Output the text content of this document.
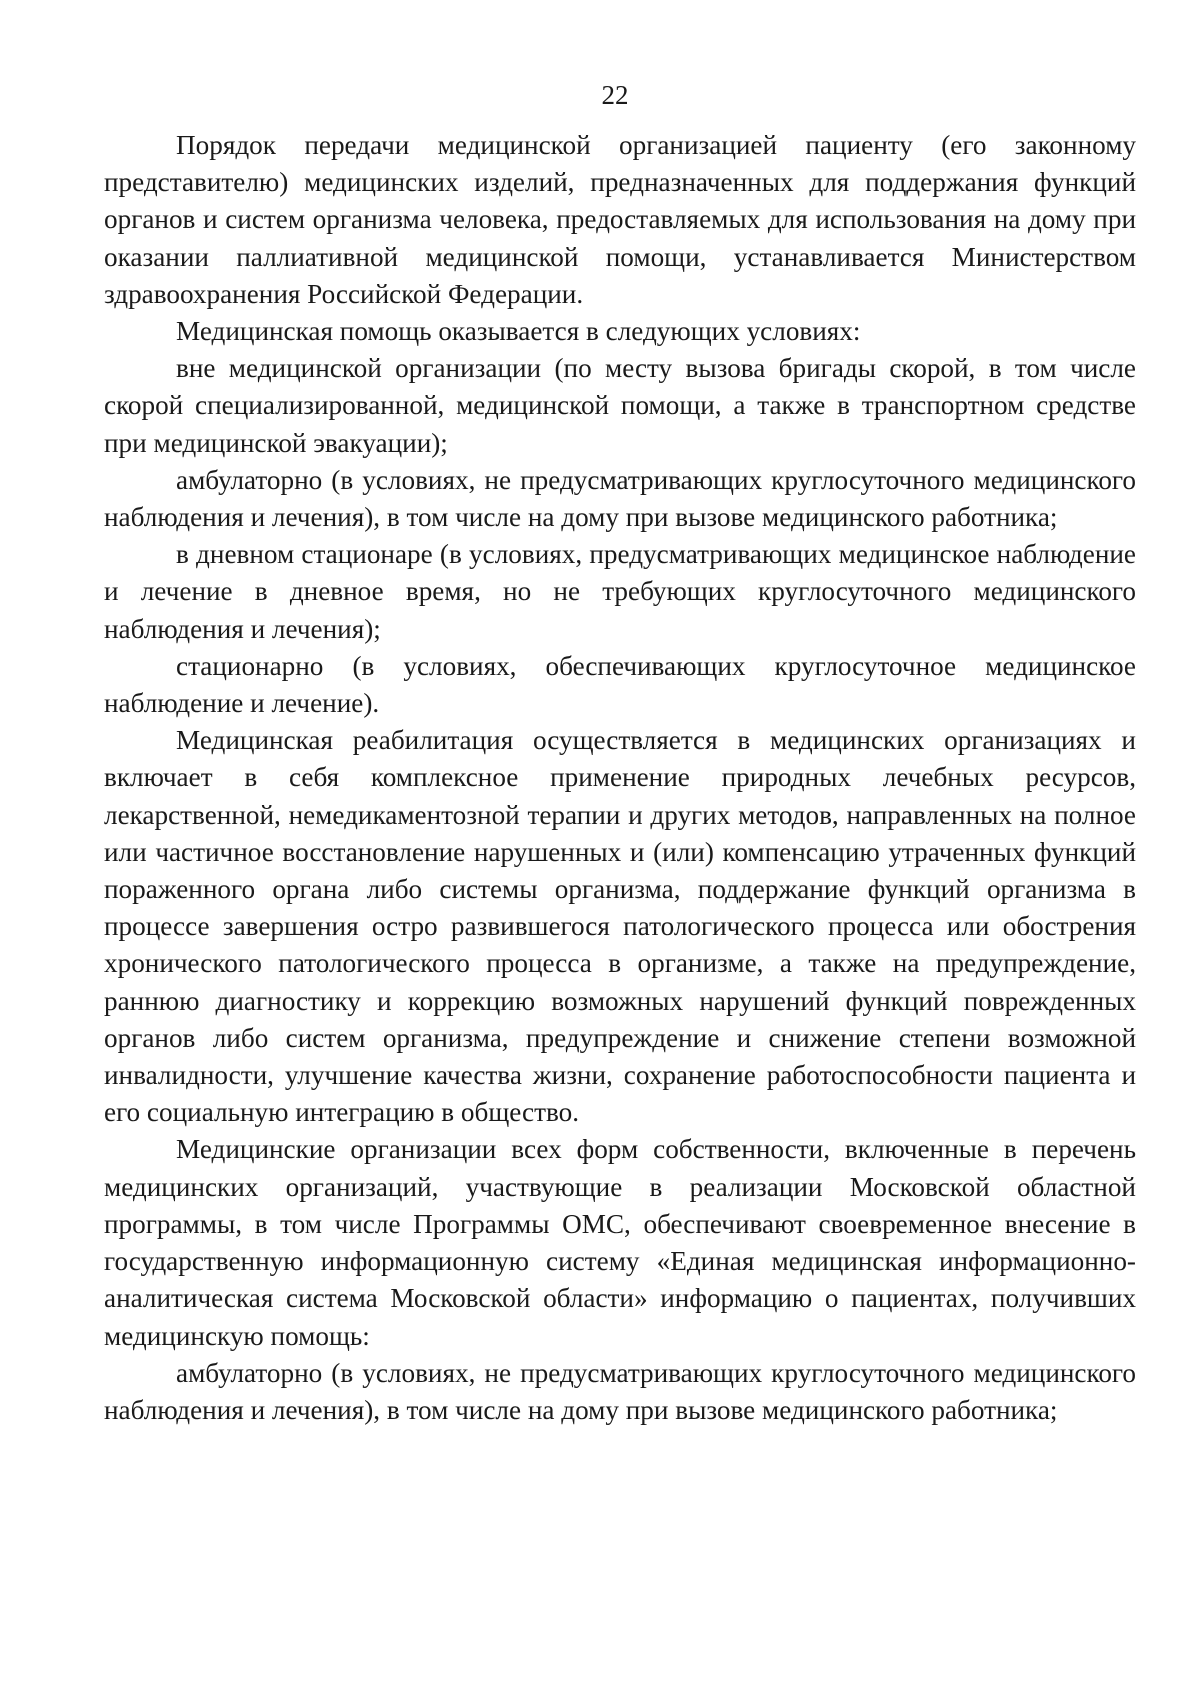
22

Порядок передачи медицинской организацией пациенту (его законному представителю) медицинских изделий, предназначенных для поддержания функций органов и систем организма человека, предоставляемых для использования на дому при оказании паллиативной медицинской помощи, устанавливается Министерством здравоохранения Российской Федерации.

Медицинская помощь оказывается в следующих условиях:

вне медицинской организации (по месту вызова бригады скорой, в том числе скорой специализированной, медицинской помощи, а также в транспортном средстве при медицинской эвакуации);

амбулаторно (в условиях, не предусматривающих круглосуточного медицинского наблюдения и лечения), в том числе на дому при вызове медицинского работника;

в дневном стационаре (в условиях, предусматривающих медицинское наблюдение и лечение в дневное время, но не требующих круглосуточного медицинского наблюдения и лечения);

стационарно (в условиях, обеспечивающих круглосуточное медицинское наблюдение и лечение).

Медицинская реабилитация осуществляется в медицинских организациях и включает в себя комплексное применение природных лечебных ресурсов, лекарственной, немедикаментозной терапии и других методов, направленных на полное или частичное восстановление нарушенных и (или) компенсацию утраченных функций пораженного органа либо системы организма, поддержание функций организма в процессе завершения остро развившегося патологического процесса или обострения хронического патологического процесса в организме, а также на предупреждение, раннюю диагностику и коррекцию возможных нарушений функций поврежденных органов либо систем организма, предупреждение и снижение степени возможной инвалидности, улучшение качества жизни, сохранение работоспособности пациента и его социальную интеграцию в общество.

Медицинские организации всех форм собственности, включенные в перечень медицинских организаций, участвующие в реализации Московской областной программы, в том числе Программы ОМС, обеспечивают своевременное внесение в государственную информационную систему «Единая медицинская информационно-аналитическая система Московской области» информацию о пациентах, получивших медицинскую помощь:

амбулаторно (в условиях, не предусматривающих круглосуточного медицинского наблюдения и лечения), в том числе на дому при вызове медицинского работника;
